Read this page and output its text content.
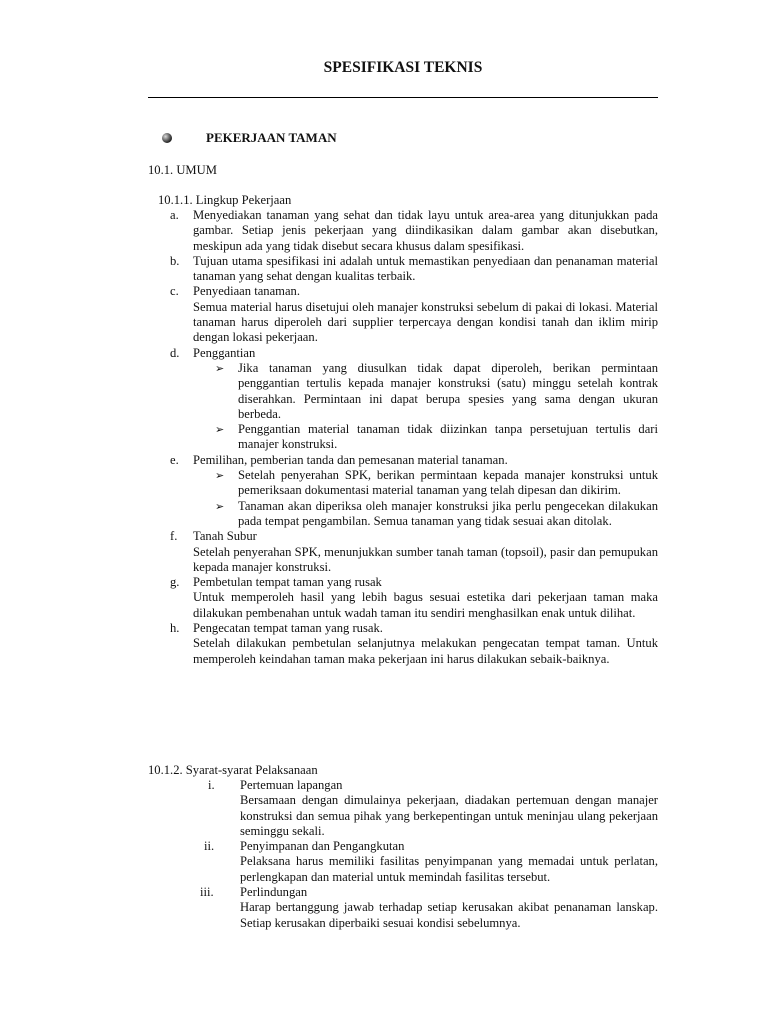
SPESIFIKASI TEKNIS
PEKERJAAN TAMAN
10.1. UMUM
10.1.1. Lingkup Pekerjaan
a. Menyediakan tanaman yang sehat dan tidak layu untuk area-area yang ditunjukkan pada gambar. Setiap jenis pekerjaan yang diindikasikan dalam gambar akan disebutkan, meskipun ada yang tidak disebut secara khusus dalam spesifikasi.

b. Tujuan utama spesifikasi ini adalah untuk memastikan penyediaan dan penanaman material tanaman yang sehat dengan kualitas terbaik.

c. Penyediaan tanaman.

Semua material harus disetujui oleh manajer konstruksi sebelum di pakai di lokasi. Material tanaman harus diperoleh dari supplier terpercaya dengan kondisi tanah dan iklim mirip dengan lokasi pekerjaan.

d. Penggantian

➢ Jika tanaman yang diusulkan tidak dapat diperoleh, berikan permintaan penggantian tertulis kepada manajer konstruksi (satu) minggu setelah kontrak diserahkan. Permintaan ini dapat berupa spesies yang sama dengan ukuran berbeda.

➢ Penggantian material tanaman tidak diizinkan tanpa persetujuan tertulis dari manajer konstruksi.

e. Pemilihan, pemberian tanda dan pemesanan material tanaman.

➢ Setelah penyerahan SPK, berikan permintaan kepada manajer konstruksi untuk pemeriksaan dokumentasi material tanaman yang telah dipesan dan dikirim.

➢ Tanaman akan diperiksa oleh manajer konstruksi jika perlu pengecekan dilakukan pada tempat pengambilan. Semua tanaman yang tidak sesuai akan ditolak.

f. Tanah Subur

Setelah penyerahan SPK, menunjukkan sumber tanah taman (topsoil), pasir dan pemupukan kepada manajer konstruksi.

g. Pembetulan tempat taman yang rusak

Untuk memperoleh hasil yang lebih bagus sesuai estetika dari pekerjaan taman maka dilakukan pembenahan untuk wadah taman itu sendiri menghasilkan enak untuk dilihat.

h. Pengecatan tempat taman yang rusak.

Setelah dilakukan pembetulan selanjutnya melakukan pengecatan tempat taman. Untuk memperoleh keindahan taman maka pekerjaan ini harus dilakukan sebaik-baiknya.

10.1.2. Syarat-syarat Pelaksanaan
i. Pertemuan lapangan

Bersamaan dengan dimulainya pekerjaan, diadakan pertemuan dengan manajer konstruksi dan semua pihak yang berkepentingan untuk meninjau ulang pekerjaan seminggu sekali.

ii. Penyimpanan dan Pengangkutan

Pelaksana harus memiliki fasilitas penyimpanan yang memadai untuk perlatan, perlengkapan dan material untuk memindah fasilitas tersebut.

iii. Perlindungan

Harap bertanggung jawab terhadap setiap kerusakan akibat penanaman lanskap. Setiap kerusakan diperbaiki sesuai kondisi sebelumnya.
